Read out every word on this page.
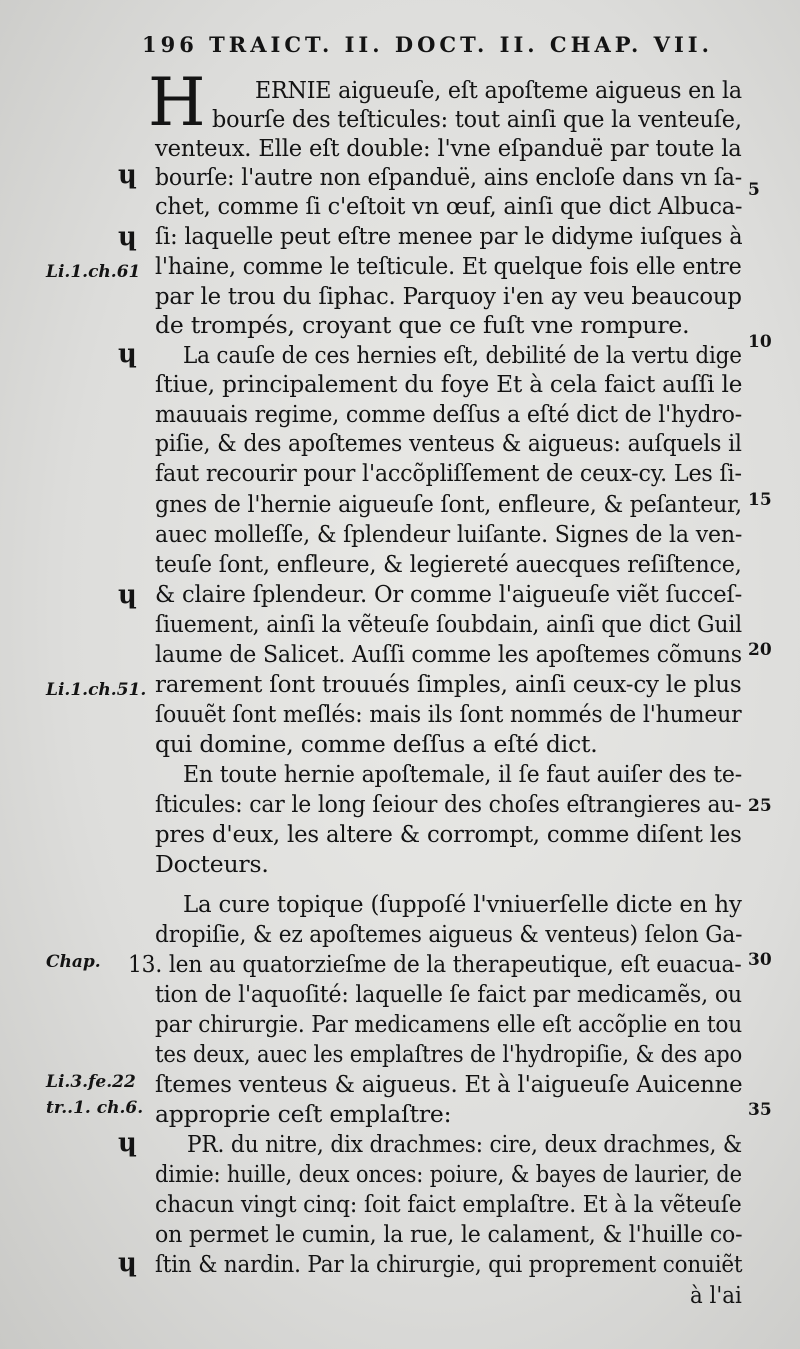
196 TRAICT. II. DOCT. II. CHAP. VII.
H ERNIE aigueuſe, eſt apoſteme aigueus en la
bourſe des teſticules: tout ainſi que la venteuſe,
venteux. Elle eſt double: l'vne eſpanduë par toute la
bourſe: l'autre non eſpanduë, ains encloſe dans vn ſa-
chet, comme ſi c'eſtoit vn œuf, ainſi que dict Albuca-
ſi: laquelle peut eſtre menee par le didyme iuſques à
l'haine, comme le teſticule. Et quelque fois elle entre
par le trou du ſiphac. Parquoy i'en ay veu beaucoup
de trompés, croyant que ce fuſt vne rompure.
La cauſe de ces hernies eſt, debilité de la vertu dige
ſtiue, principalement du foye Et à cela faict auſſi le
mauuais regime, comme deſſus a eſté dict de l'hydro-
piſie, & des apoſtemes venteus & aigueus: auſquels il
faut recourir pour l'accõpliſſement de ceux-cy. Les ſi-
gnes de l'hernie aigueuſe ſont, enfleure, & peſanteur,
auec molleſſe, & ſplendeur luiſante. Signes de la ven-
teuſe ſont, enfleure, & legiereté auecques reſiſtence,
& claire ſplendeur. Or comme l'aigueuſe viẽt ſucceſ-
ſiuement, ainſi la vẽteuſe ſoubdain, ainſi que dict Guil
laume de Salicet. Auſſi comme les apoſtemes cõmuns
rarement ſont trouués ſimples, ainſi ceux-cy le plus
ſouuẽt ſont meſlés: mais ils ſont nommés de l'humeur
qui domine, comme deſſus a eſté dict.
En toute hernie apoſtemale, il ſe faut auiſer des te-
ſticules: car le long ſeiour des choſes eſtrangieres au-
pres d'eux, les altere & corrompt, comme diſent les
Docteurs.
La cure topique (ſuppoſé l'vniuerſelle dicte en hy
dropiſie, & ez apoſtemes aigueus & venteus) ſelon Ga-
13. len au quatorzieſme de la therapeutique, eſt euacua-
tion de l'aquoſité: laquelle ſe faict par medicamẽs, ou
par chirurgie. Par medicamens elle eſt accõplie en tou
tes deux, auec les emplaſtres de l'hydropiſie, & des apo
ſtemes venteus & aigueus. Et à l'aigueuſe Auicenne
approprie ceſt emplaſtre:
PR. du nitre, dix drachmes: cire, deux drachmes, &
dimie: huille, deux onces: poiure, & bayes de laurier, de
chacun vingt cinq: ſoit faict emplaſtre. Et à la vẽteuſe
on permet le cumin, la rue, le calament, & l'huille co-
ſtin & nardin. Par la chirurgie, qui proprement conuiẽt
à l'ai
Li.1.ch.61
Li.1.ch.51.
Chap.
Li.3.fe.22
tr..1. ch.6.
ɥ
ɥ
ɥ
ɥ
ɥ
ɥ
5
10
15
20
25
30
35
